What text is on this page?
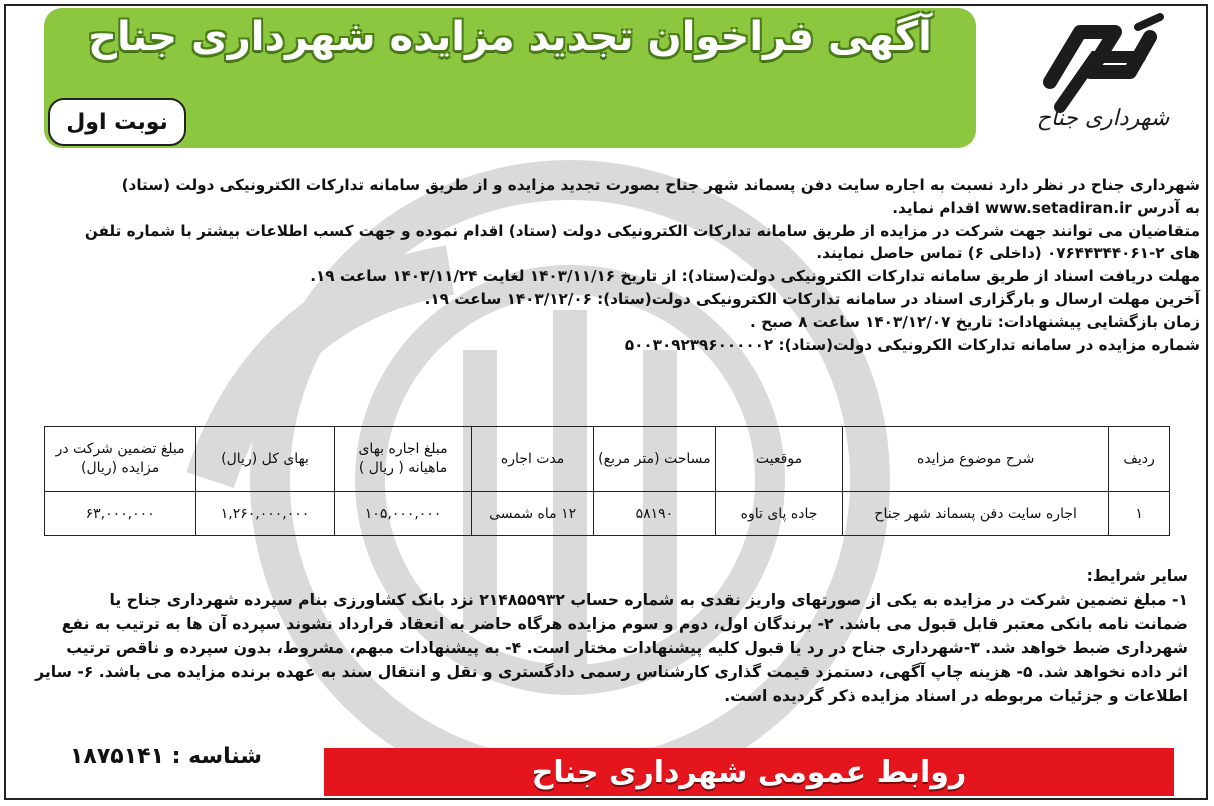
آگهی فراخوان تجدید مزایده شهرداری جناح
نوبت اول	شهرداری جناح

شهرداری جناح در نظر دارد نسبت به اجاره سایت دفن پسماند شهر جناح بصورت تجدید مزایده و از طریق سامانه تدارکات الکترونیکی دولت (ستاد)

به آدرس www.setadiran.ir اقدام نماید.

متقاضیان می توانند جهت شرکت در مزایده از طریق سامانه تدارکات الکترونیکی دولت (ستاد) اقدام نموده و جهت کسب اطلاعات بیشتر با شماره تلفن

های ۲-۰۷۶۴۴۳۴۴۰۶۱ (داخلی ۶) تماس حاصل نمایند.

مهلت دریافت اسناد از طریق سامانه تدارکات الکترونیکی دولت(ستاد): از تاریخ ۱۴۰۳/۱۱/۱۶ لغایت ۱۴۰۳/۱۱/۲۴ ساعت ۱۹.

آخرین مهلت ارسال و بارگزاری اسناد در سامانه تدارکات الکترونیکی دولت(ستاد): ۱۴۰۳/۱۲/۰۶ ساعت ۱۹.

زمان بازگشایی پیشنهادات: تاریخ ۱۴۰۳/۱۲/۰۷ ساعت ۸ صبح .

شماره مزایده در سامانه تدارکات الکرونیکی دولت(ستاد): ۵۰۰۳۰۹۲۳۹۶۰۰۰۰۰۲

ردیف	شرح موضوع مزایده	موقعیت	مساحت (متر مربع)	مدت اجاره	مبلغ اجاره بهای ماهیانه ( ریال )	بهای کل (ریال)	مبلغ تضمین شرکت در مزایده (ریال)
۱	اجاره سایت دفن پسماند شهر جناح	جاده پای تاوه	۵۸۱۹۰	۱۲ ماه شمسی	۱۰۵,۰۰۰,۰۰۰	۱,۲۶۰,۰۰۰,۰۰۰	۶۳,۰۰۰,۰۰۰

سایر شرایط:

۱- مبلغ تضمین شرکت در مزایده به یکی از صورتهای واریز نقدی به شماره حساب ۲۱۴۸۵۵۹۳۲ نزد بانک کشاورزی بنام سپرده شهرداری جناح یا

ضمانت نامه بانکی معتبر قابل قبول می باشد. ۲- برندگان اول، دوم و سوم مزایده هرگاه حاضر به انعقاد قرارداد نشوند سپرده آن ها به ترتیب به نفع

شهرداری ضبط خواهد شد. ۳-شهرداری جناح در رد یا قبول کلیه پیشنهادات مختار است. ۴- به پیشنهادات مبهم، مشروط، بدون سپرده و ناقص ترتیب

اثر داده نخواهد شد. ۵- هزینه چاپ آگهی، دستمزد قیمت گذاری کارشناس رسمی دادگستری و نقل و انتقال سند به عهده برنده مزایده می باشد. ۶- سایر

اطلاعات و جزئیات مربوطه در اسناد مزایده ذکر گردیده است.

شناسه : ۱۸۷۵۱۴۱	روابط عمومی شهرداری جناح
